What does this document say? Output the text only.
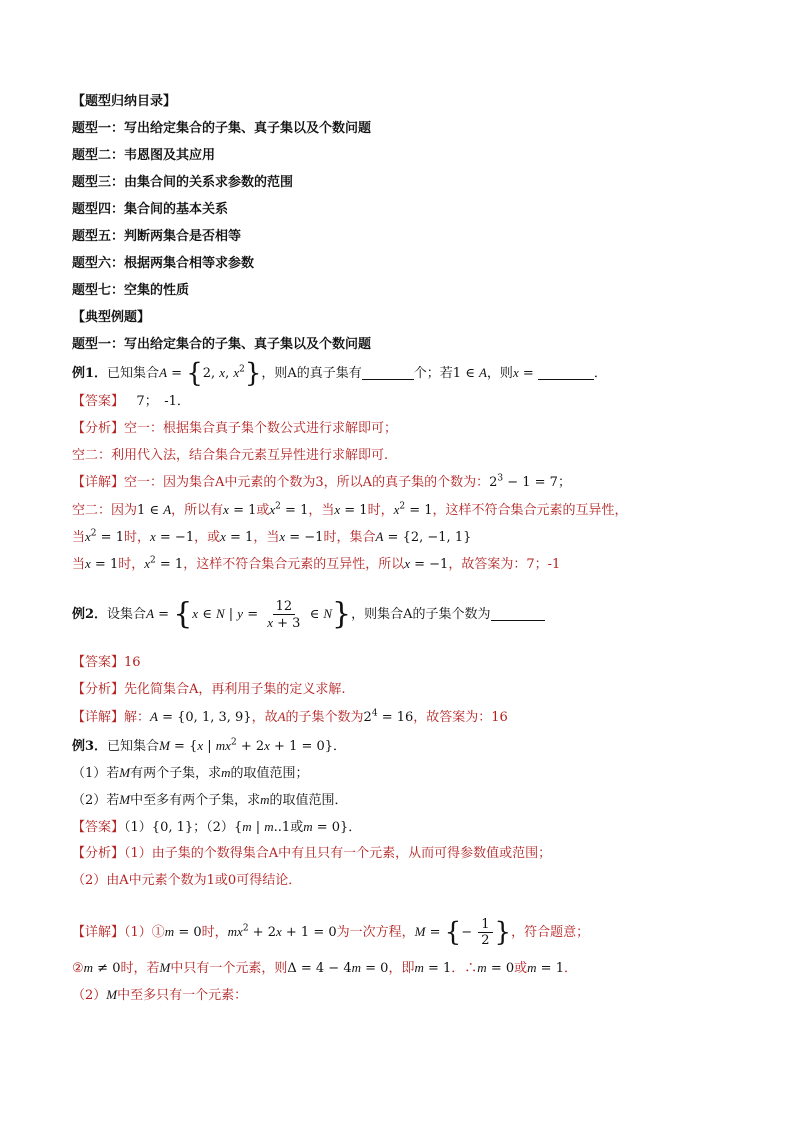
【题型归纳目录】
题型一：写出给定集合的子集、真子集以及个数问题
题型二：韦恩图及其应用
题型三：由集合间的关系求参数的范围
题型四：集合间的基本关系
题型五：判断两集合是否相等
题型六：根据两集合相等求参数
题型七：空集的性质
【典型例题】
题型一：写出给定集合的子集、真子集以及个数问题
例1．已知集合A = {2, x, $x^2$}，则A的真子集有	个；若1 ∈ A，则x =	．
【答案】 7；　-1．
【分析】空一：根据集合真子集个数公式进行求解即可；
空二：利用代入法，结合集合元素互异性进行求解即可.
【详解】空一：因为集合A中元素的个数为3，所以A的真子集的个数为：$2^3 - 1 = 7$；
空二：因为1 ∈ A，所以有x = 1或$x^2 = 1$，当x = 1时，$x^2 = 1$，这样不符合集合元素的互异性，
当$x^2 = 1$时，x = −1，或x = 1，当x = −1时，集合A = {2, −1, 1}
当x = 1时，$x^2 = 1$，这样不符合集合元素的互异性，所以x = −1，故答案为：7；-1
例2．设集合A = {x ∈ N | $y = \frac{12}{x + 3}$ ∈ N}，则集合A的子集个数为
【答案】16
【分析】先化简集合A，再利用子集的定义求解.
【详解】解：A = {0, 1, 3, 9}，故A的子集个数为$2^4 = 16$，故答案为：16
例3．已知集合M = {x | $mx^2 + 2x + 1 = 0$}．
（1）若M有两个子集，求m的取值范围；
（2）若M中至多有两个子集，求m的取值范围．
【答案】（1）{0, 1}；（2）{m | m..1或m = 0}．
【分析】（1）由子集的个数得集合A中有且只有一个元素，从而可得参数值或范围；
（2）由A中元素个数为1或0可得结论．
【详解】（1）①m = 0时，$mx^2 + 2x + 1 = 0$为一次方程，M = {− $\frac{1}{2}$ }，符合题意；
②m ≠ 0时，若M中只有一个元素，则Δ = 4 − 4m = 0，即m = 1．∴m = 0或m = 1．
（2）M中至多只有一个元素：
